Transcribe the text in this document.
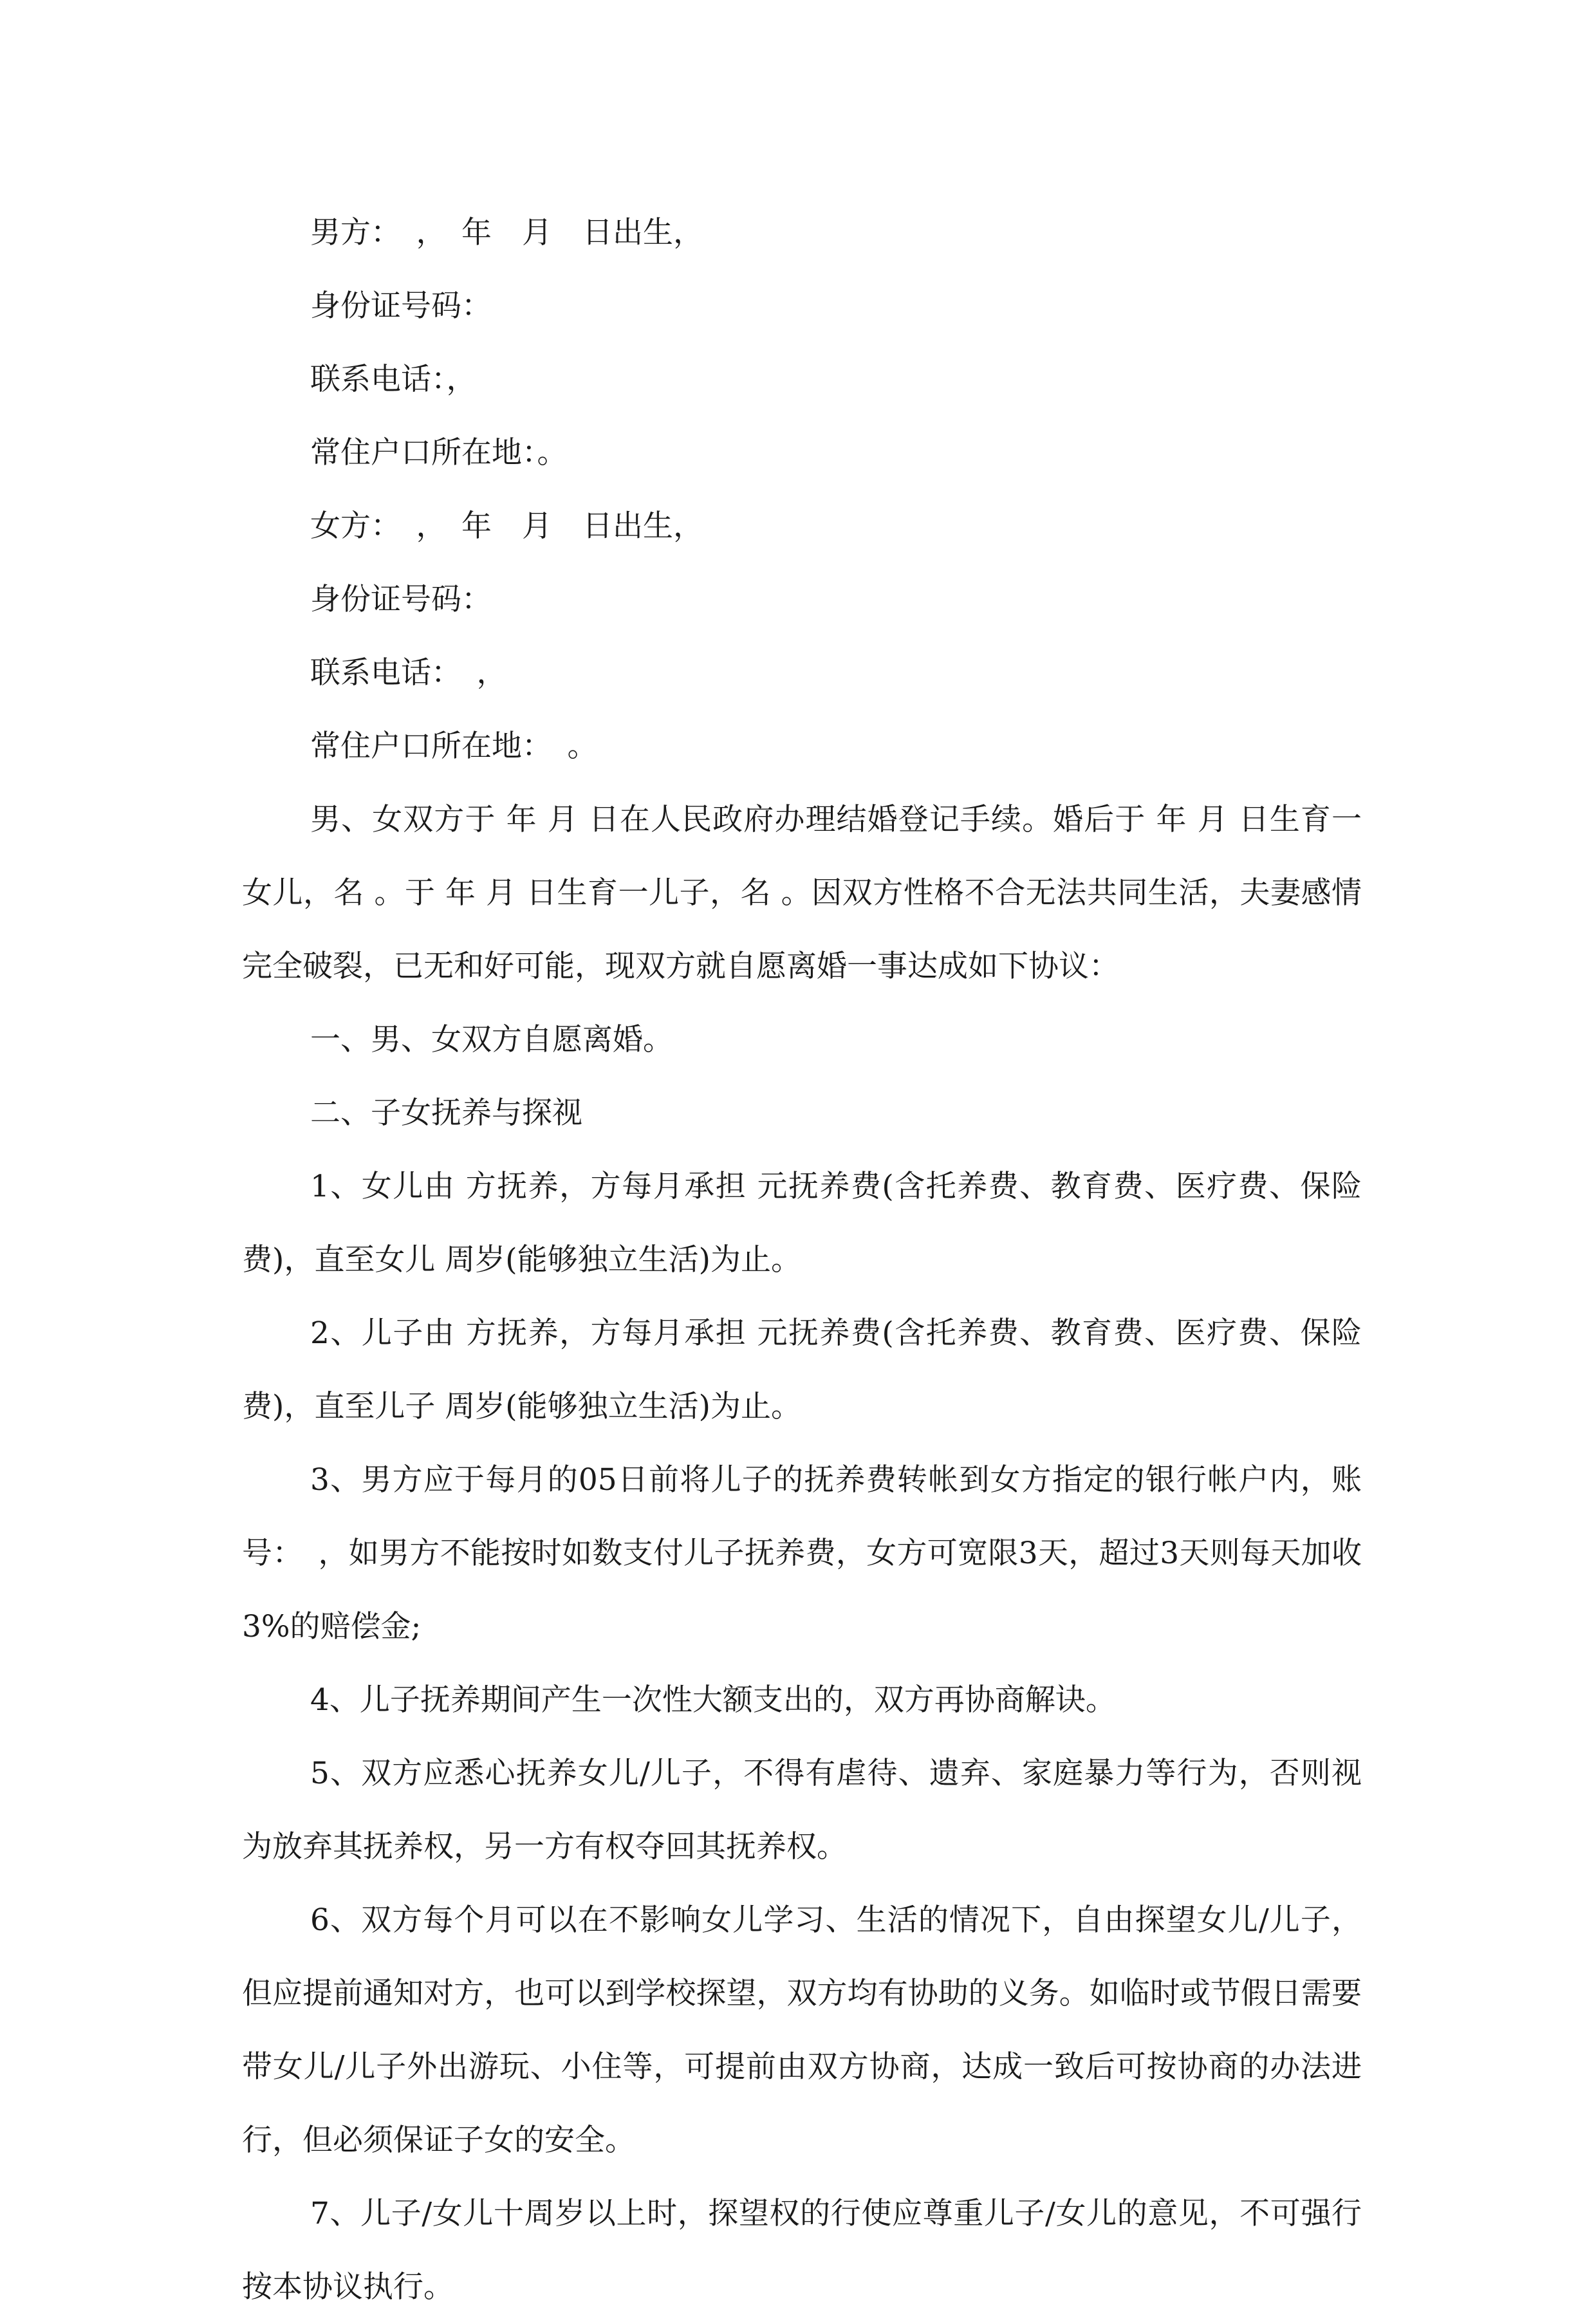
男方：　，　年　月　日出生，

身份证号码：

联系电话：，

常住户口所在地：。

女方：　，　年　月　日出生，

身份证号码：

联系电话：　，

常住户口所在地：　。

男、女双方于 年 月 日在人民政府办理结婚登记手续。婚后于 年 月 日生育一女儿，名 。于 年 月 日生育一儿子，名 。因双方性格不合无法共同生活，夫妻感情完全破裂，已无和好可能，现双方就自愿离婚一事达成如下协议：

一、男、女双方自愿离婚。

二、子女抚养与探视

1、女儿由 方抚养，方每月承担 元抚养费(含托养费、教育费、医疗费、保险费)，直至女儿 周岁(能够独立生活)为止。

2、儿子由 方抚养，方每月承担 元抚养费(含托养费、教育费、医疗费、保险费)，直至儿子 周岁(能够独立生活)为止。

3、男方应于每月的05日前将儿子的抚养费转帐到女方指定的银行帐户内，账号：　，如男方不能按时如数支付儿子抚养费，女方可宽限3天，超过3天则每天加收3%的赔偿金;

4、儿子抚养期间产生一次性大额支出的，双方再协商解诀。

5、双方应悉心抚养女儿/儿子，不得有虐待、遗弃、家庭暴力等行为，否则视为放弃其抚养权，另一方有权夺回其抚养权。

6、双方每个月可以在不影响女儿学习、生活的情况下，自由探望女儿/儿子，但应提前通知对方，也可以到学校探望，双方均有协助的义务。如临时或节假日需要带女儿/儿子外出游玩、小住等，可提前由双方协商，达成一致后可按协商的办法进行，但必须保证子女的安全。

7、儿子/女儿十周岁以上时，探望权的行使应尊重儿子/女儿的意见，不可强行按本协议执行。
